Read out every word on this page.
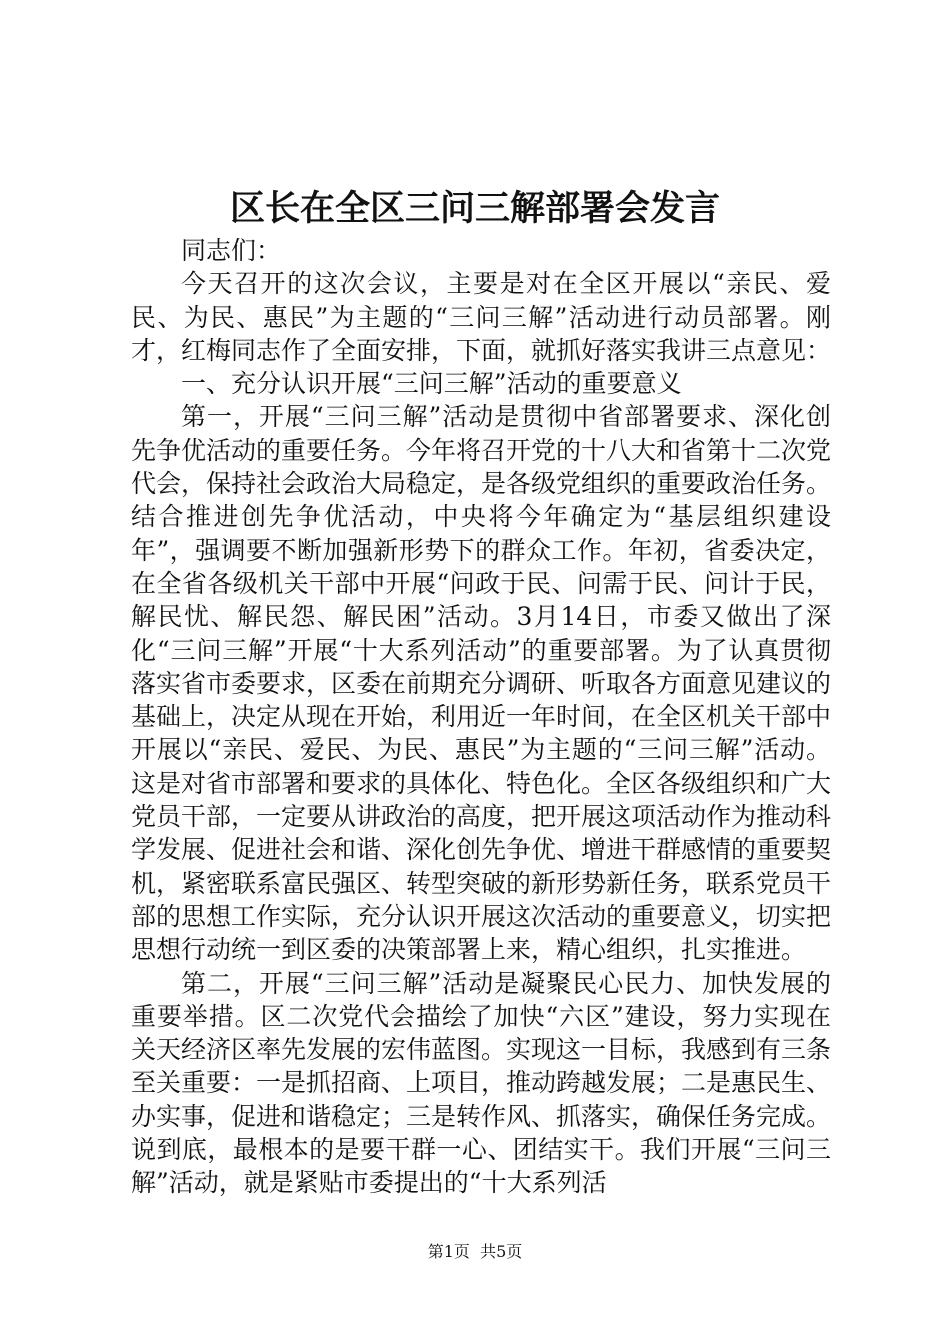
区长在全区三问三解部署会发言

同志们：

今天召开的这次会议，主要是对在全区开展以“亲民、爱民、为民、惠民”为主题的“三问三解”活动进行动员部署。刚才，红梅同志作了全面安排，下面，就抓好落实我讲三点意见：

一、充分认识开展“三问三解”活动的重要意义

第一，开展“三问三解”活动是贯彻中省部署要求、深化创先争优活动的重要任务。今年将召开党的十八大和省第十二次党代会，保持社会政治大局稳定，是各级党组织的重要政治任务。结合推进创先争优活动，中央将今年确定为“基层组织建设年”，强调要不断加强新形势下的群众工作。年初，省委决定，在全省各级机关干部中开展“问政于民、问需于民、问计于民，解民忧、解民怨、解民困”活动。3月14日，市委又做出了深化“三问三解”开展“十大系列活动”的重要部署。为了认真贯彻落实省市委要求，区委在前期充分调研、听取各方面意见建议的基础上，决定从现在开始，利用近一年时间，在全区机关干部中开展以“亲民、爱民、为民、惠民”为主题的“三问三解”活动。这是对省市部署和要求的具体化、特色化。全区各级组织和广大党员干部，一定要从讲政治的高度，把开展这项活动作为推动科学发展、促进社会和谐、深化创先争优、增进干群感情的重要契机，紧密联系富民强区、转型突破的新形势新任务，联系党员干部的思想工作实际，充分认识开展这次活动的重要意义，切实把思想行动统一到区委的决策部署上来，精心组织，扎实推进。

第二，开展“三问三解”活动是凝聚民心民力、加快发展的重要举措。区二次党代会描绘了加快“六区”建设，努力实现在关天经济区率先发展的宏伟蓝图。实现这一目标，我感到有三条至关重要：一是抓招商、上项目，推动跨越发展；二是惠民生、办实事，促进和谐稳定；三是转作风、抓落实，确保任务完成。说到底，最根本的是要干群一心、团结实干。我们开展“三问三解”活动，就是紧贴市委提出的“十大系列活

第1页 共5页
